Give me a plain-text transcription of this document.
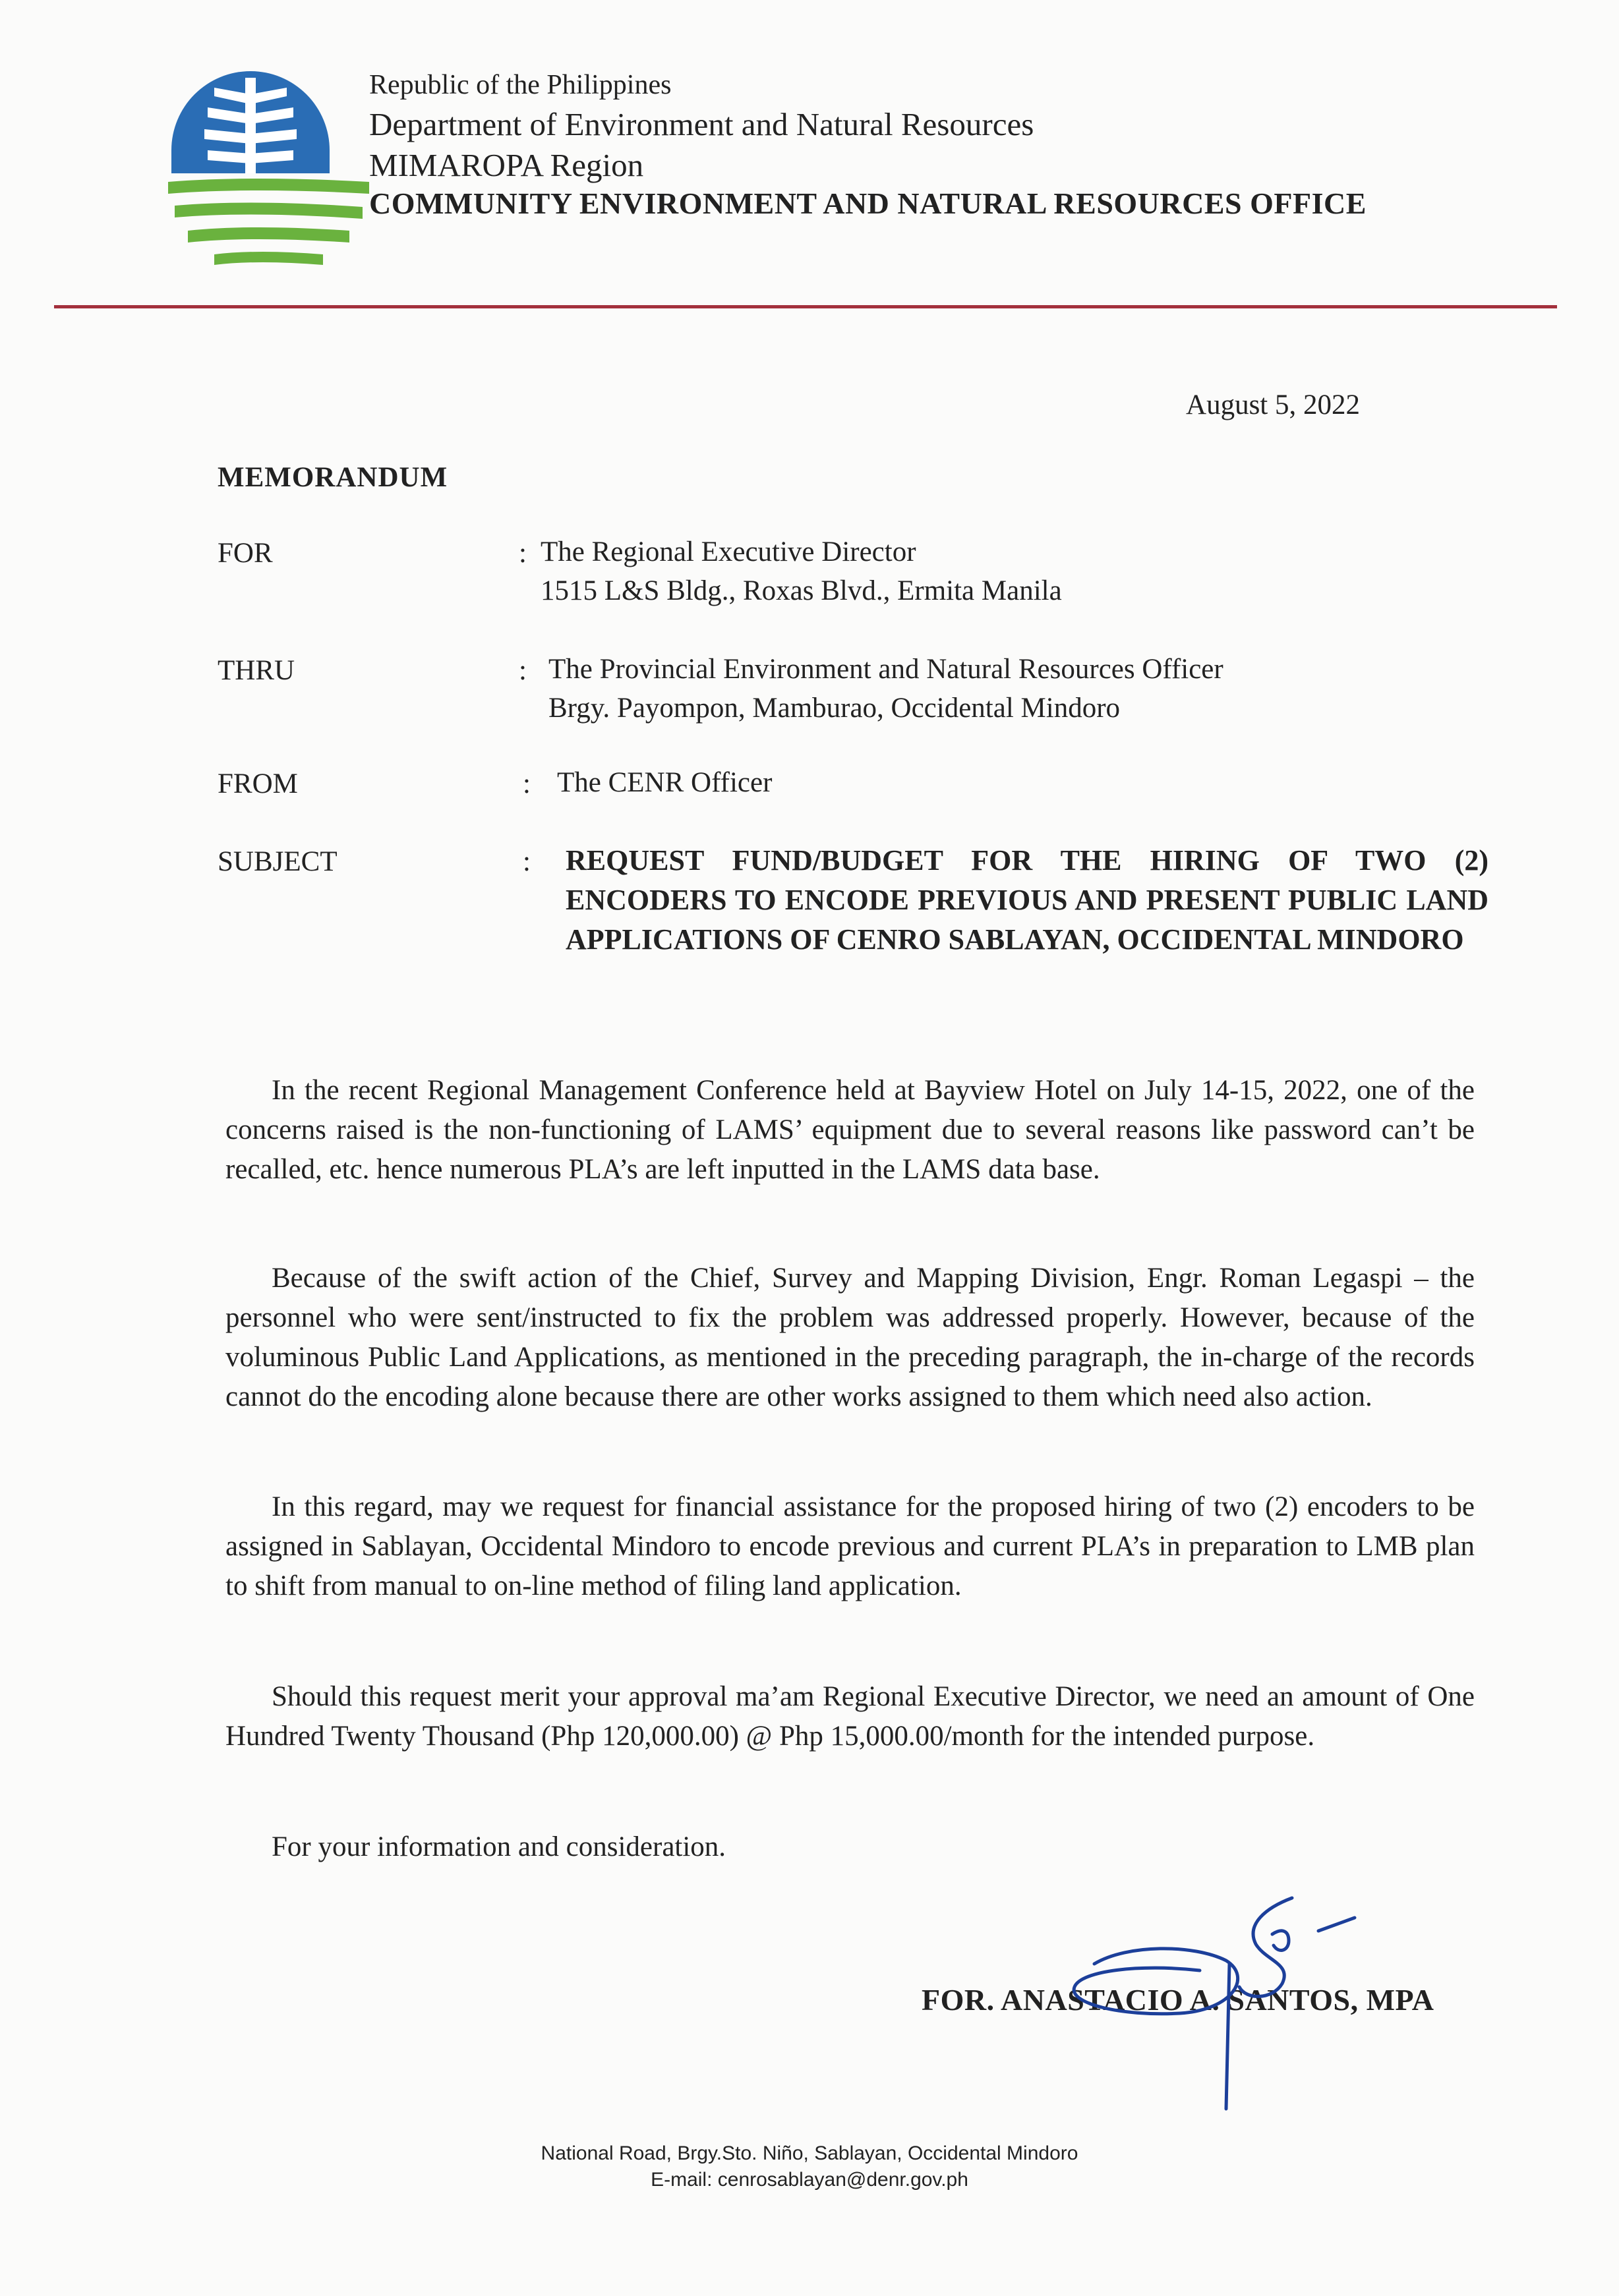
Republic of the Philippines
Department of Environment and Natural Resources
MIMAROPA Region
COMMUNITY ENVIRONMENT AND NATURAL RESOURCES OFFICE
August 5, 2022
MEMORANDUM
FOR	: The Regional Executive Director
1515 L&S Bldg., Roxas Blvd., Ermita Manila
THRU	: The Provincial Environment and Natural Resources Officer
Brgy. Payompon, Mamburao, Occidental Mindoro
FROM	: The CENR Officer
SUBJECT	: REQUEST FUND/BUDGET FOR THE HIRING OF TWO (2) ENCODERS TO ENCODE PREVIOUS AND PRESENT PUBLIC LAND APPLICATIONS OF CENRO SABLAYAN, OCCIDENTAL MINDORO
In the recent Regional Management Conference held at Bayview Hotel on July 14-15, 2022, one of the concerns raised is the non-functioning of LAMS’ equipment due to several reasons like password can’t be recalled, etc. hence numerous PLA’s are left inputted in the LAMS data base.
Because of the swift action of the Chief, Survey and Mapping Division, Engr. Roman Legaspi – the personnel who were sent/instructed to fix the problem was addressed properly. However, because of the voluminous Public Land Applications, as mentioned in the preceding paragraph, the in-charge of the records cannot do the encoding alone because there are other works assigned to them which need also action.
In this regard, may we request for financial assistance for the proposed hiring of two (2) encoders to be assigned in Sablayan, Occidental Mindoro to encode previous and current PLA’s in preparation to LMB plan to shift from manual to on-line method of filing land application.
Should this request merit your approval ma’am Regional Executive Director, we need an amount of One Hundred Twenty Thousand (Php 120,000.00) @ Php 15,000.00/month for the intended purpose.
For your information and consideration.
FOR. ANASTACIO A. SANTOS, MPA
National Road, Brgy.Sto. Niño, Sablayan, Occidental Mindoro
E-mail: cenrosablayan@denr.gov.ph
